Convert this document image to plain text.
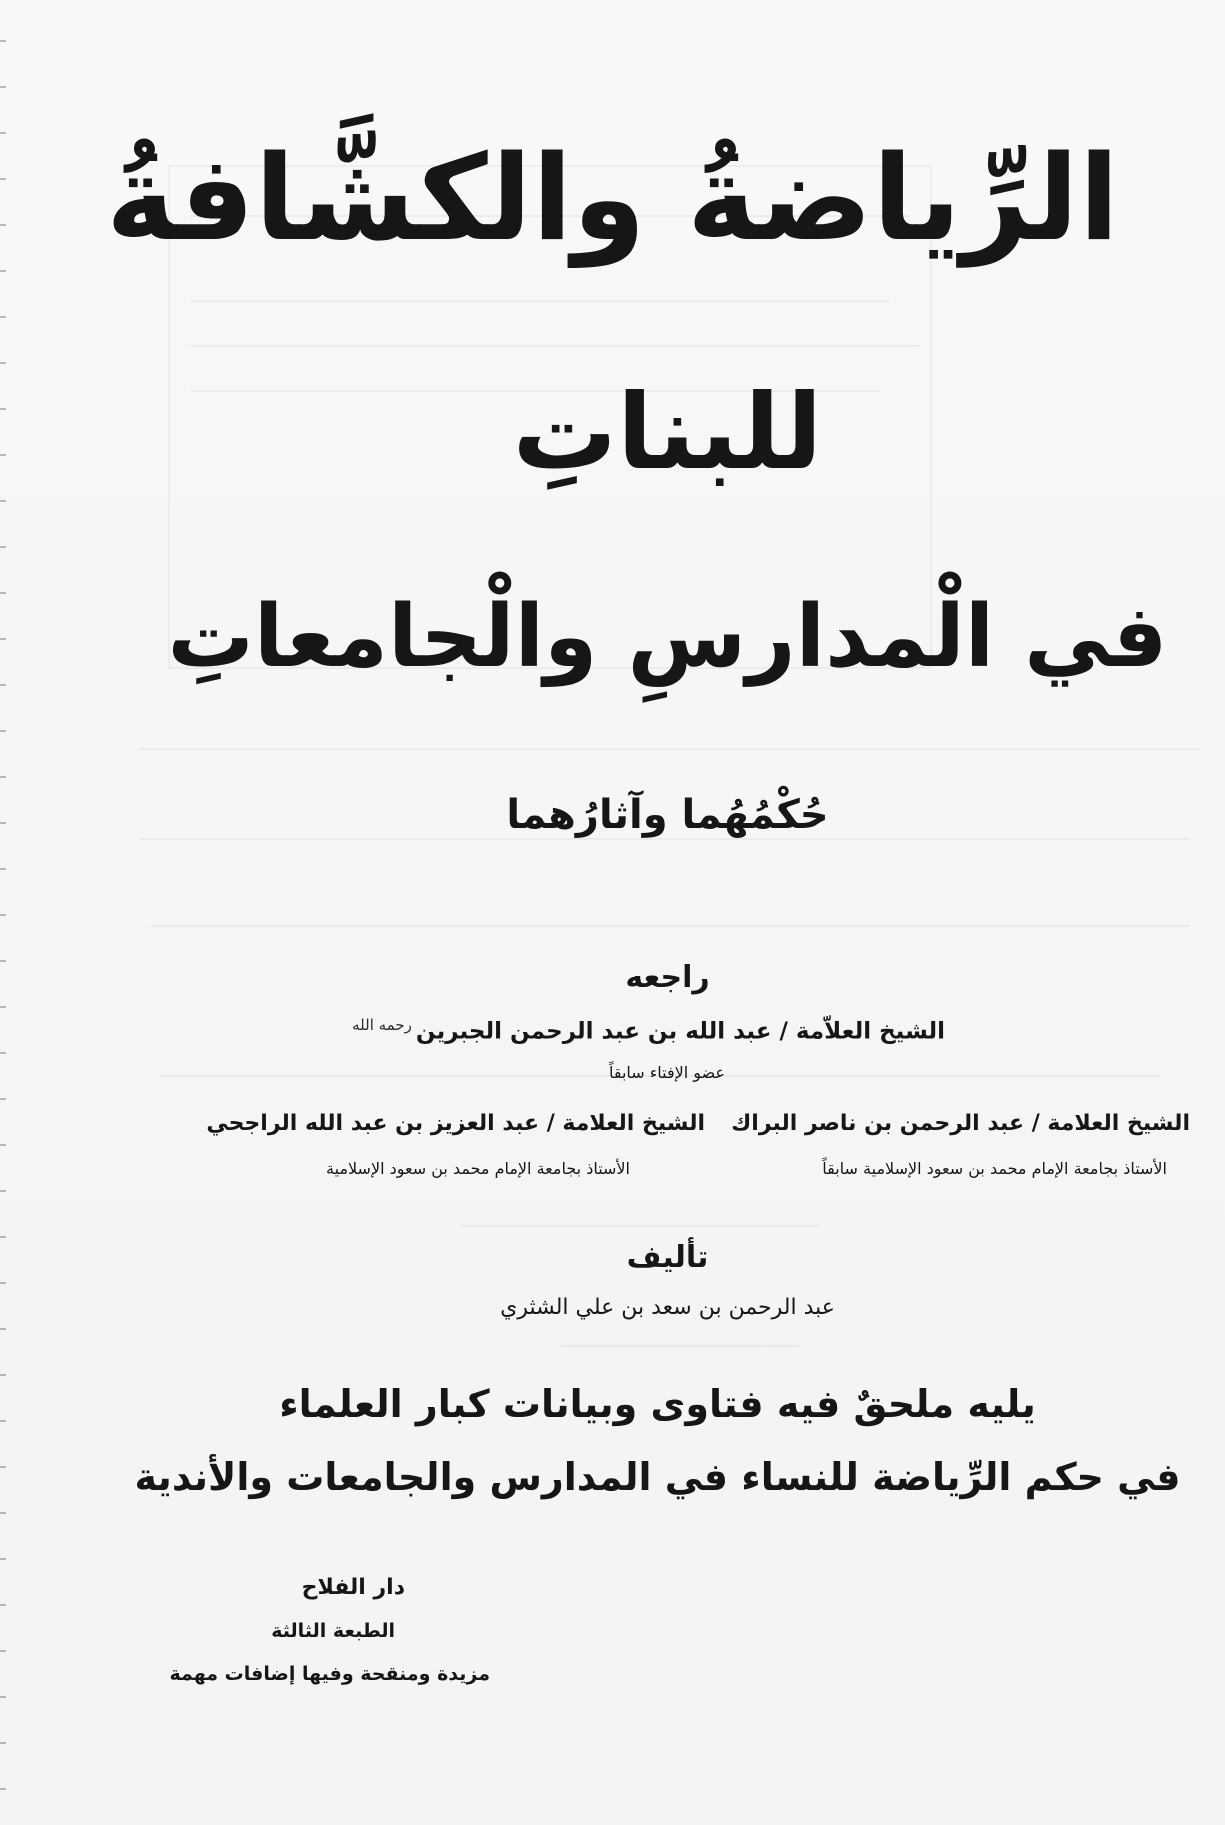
الرِّياضةُ والكشَّافةُ
للبناتِ
في الْمدارسِ والْجامعاتِ
حُكْمُهُما وآثارُهما
راجعه
الشيخ العلاّمة / عبد الله بن عبد الرحمن الجبرينرحمه الله
عضو الإفتاء سابقاً
الشيخ العلامة / عبد الرحمن بن ناصر البراك
الأستاذ بجامعة الإمام محمد بن سعود الإسلامية سابقاً
الشيخ العلامة / عبد العزيز بن عبد الله الراجحي
الأستاذ بجامعة الإمام محمد بن سعود الإسلامية
تأليف
عبد الرحمن بن سعد بن علي الشثري
يليه ملحقٌ فيه فتاوى وبيانات كبار العلماء
في حكم الرِّياضة للنساء في المدارس والجامعات والأندية
دار الفلاح
الطبعة الثالثة
مزيدة ومنقحة وفيها إضافات مهمة
